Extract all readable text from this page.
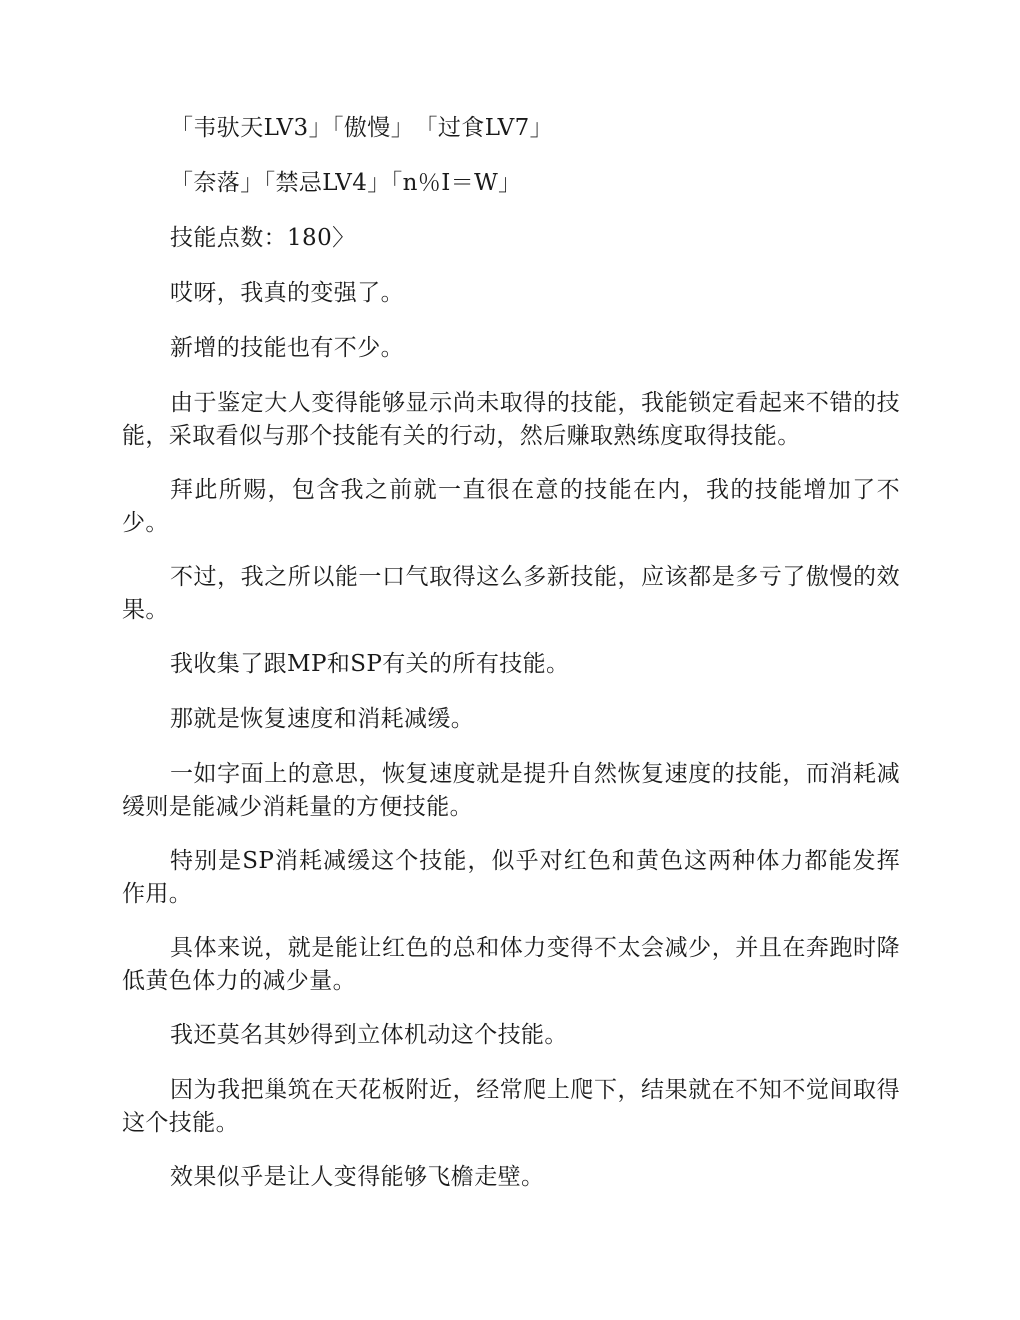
「韦驮天LV3」「傲慢」　「过食LV7」

「奈落」「禁忌LV4」「n％I＝W」

技能点数：180〉

哎呀，我真的变强了。

新增的技能也有不少。

由于鉴定大人变得能够显示尚未取得的技能，我能锁定看起来不错的技能，采取看似与那个技能有关的行动，然后赚取熟练度取得技能。

拜此所赐，包含我之前就一直很在意的技能在内，我的技能增加了不少。

不过，我之所以能一口气取得这么多新技能，应该都是多亏了傲慢的效果。

我收集了跟MP和SP有关的所有技能。

那就是恢复速度和消耗减缓。

一如字面上的意思，恢复速度就是提升自然恢复速度的技能，而消耗减缓则是能减少消耗量的方便技能。

特别是SP消耗减缓这个技能，似乎对红色和黄色这两种体力都能发挥作用。

具体来说，就是能让红色的总和体力变得不太会减少，并且在奔跑时降低黄色体力的减少量。

我还莫名其妙得到立体机动这个技能。

因为我把巢筑在天花板附近，经常爬上爬下，结果就在不知不觉间取得这个技能。

效果似乎是让人变得能够飞檐走壁。
